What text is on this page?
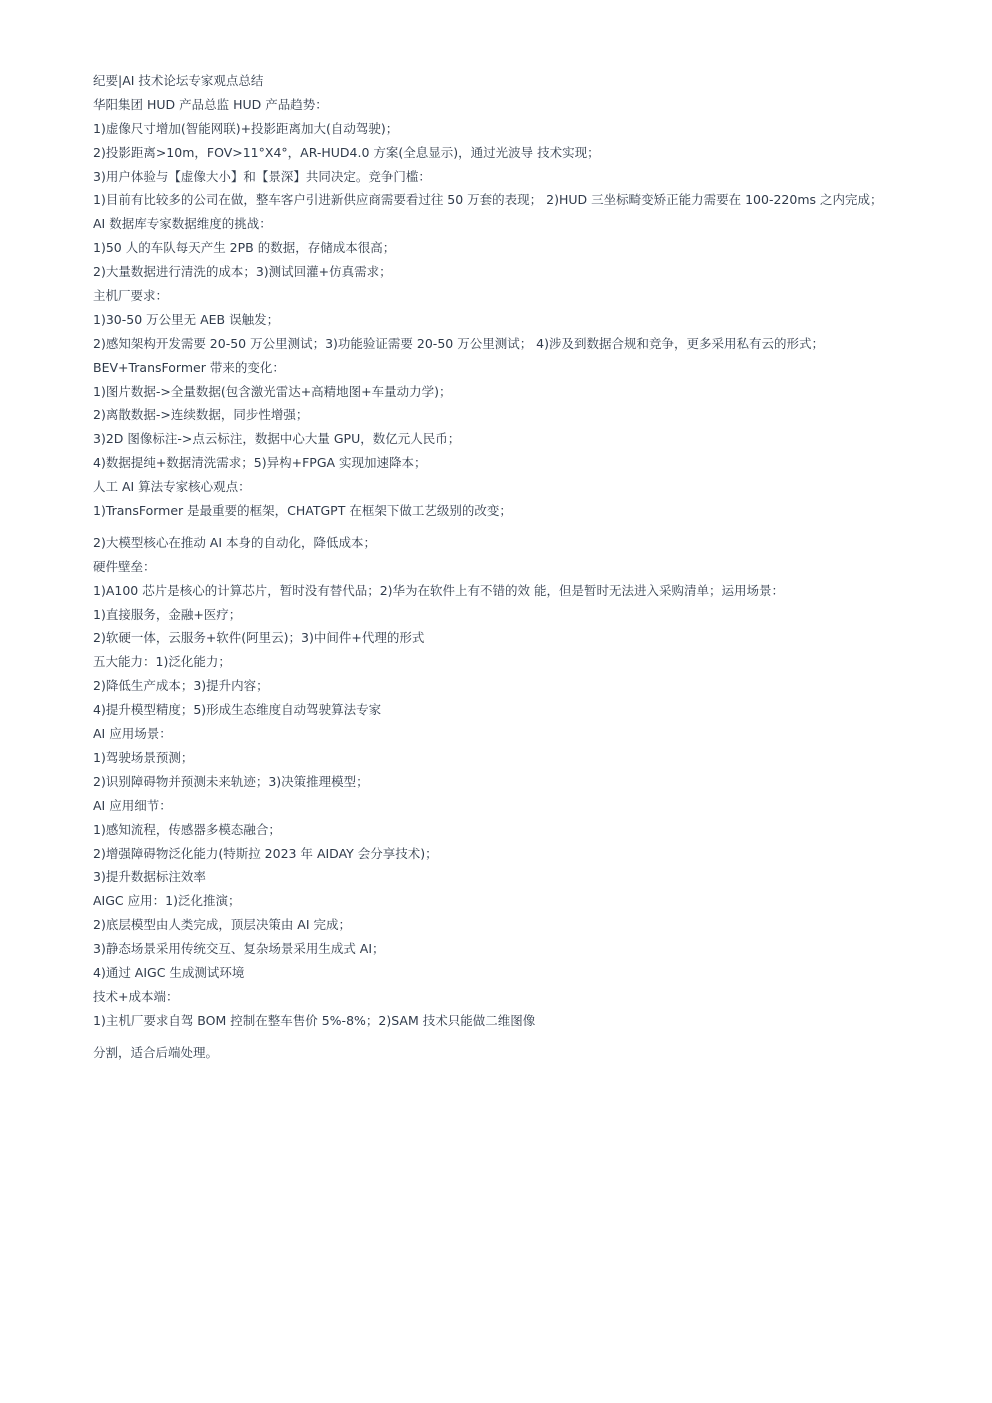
纪要|AI 技术论坛专家观点总结
华阳集团 HUD 产品总监 HUD 产品趋势：
1)虚像尺寸增加(智能网联)+投影距离加大(自动驾驶)；
2)投影距离>10m，FOV>11°X4°，AR-HUD4.0 方案(全息显示)，通过光波导 技术实现；
3)用户体验与【虚像大小】和【景深】共同决定。竞争门槛：
1)目前有比较多的公司在做，整车客户引进新供应商需要看过往 50 万套的表现； 2)HUD 三坐标畸变矫正能力需要在 100-220ms 之内完成；
AI 数据库专家数据维度的挑战：
1)50 人的车队每天产生 2PB 的数据，存储成本很高；
2)大量数据进行清洗的成本；3)测试回灌+仿真需求；
主机厂要求：
1)30-50 万公里无 AEB 误触发；
2)感知架构开发需要 20-50 万公里测试；3)功能验证需要 20-50 万公里测试； 4)涉及到数据合规和竞争，更多采用私有云的形式；
BEV+TransFormer 带来的变化：
1)图片数据->全量数据(包含激光雷达+高精地图+车量动力学)；
2)离散数据->连续数据，同步性增强；
3)2D 图像标注->点云标注，数据中心大量 GPU，数亿元人民币；
4)数据提纯+数据清洗需求；5)异构+FPGA 实现加速降本；
人工 AI 算法专家核心观点：
1)TransFormer 是最重要的框架，CHATGPT 在框架下做工艺级别的改变；
2)大模型核心在推动 AI 本身的自动化，降低成本；
硬件壁垒：
1)A100 芯片是核心的计算芯片，暂时没有替代品；2)华为在软件上有不错的效 能，但是暂时无法进入采购清单；运用场景：
1)直接服务，金融+医疗；
2)软硬一体，云服务+软件(阿里云)；3)中间件+代理的形式
五大能力：1)泛化能力；
2)降低生产成本；3)提升内容；
4)提升模型精度；5)形成生态维度自动驾驶算法专家
AI 应用场景：
1)驾驶场景预测；
2)识别障碍物并预测未来轨迹；3)决策推理模型；
AI 应用细节：
1)感知流程，传感器多模态融合；
2)增强障碍物泛化能力(特斯拉 2023 年 AIDAY 会分享技术)；
3)提升数据标注效率
AIGC 应用：1)泛化推演；
2)底层模型由人类完成，顶层决策由 AI 完成；
3)静态场景采用传统交互、复杂场景采用生成式 AI；
4)通过 AIGC 生成测试环境
技术+成本端：
1)主机厂要求自驾 BOM 控制在整车售价 5%-8%；2)SAM 技术只能做二维图像
分割，适合后端处理。
